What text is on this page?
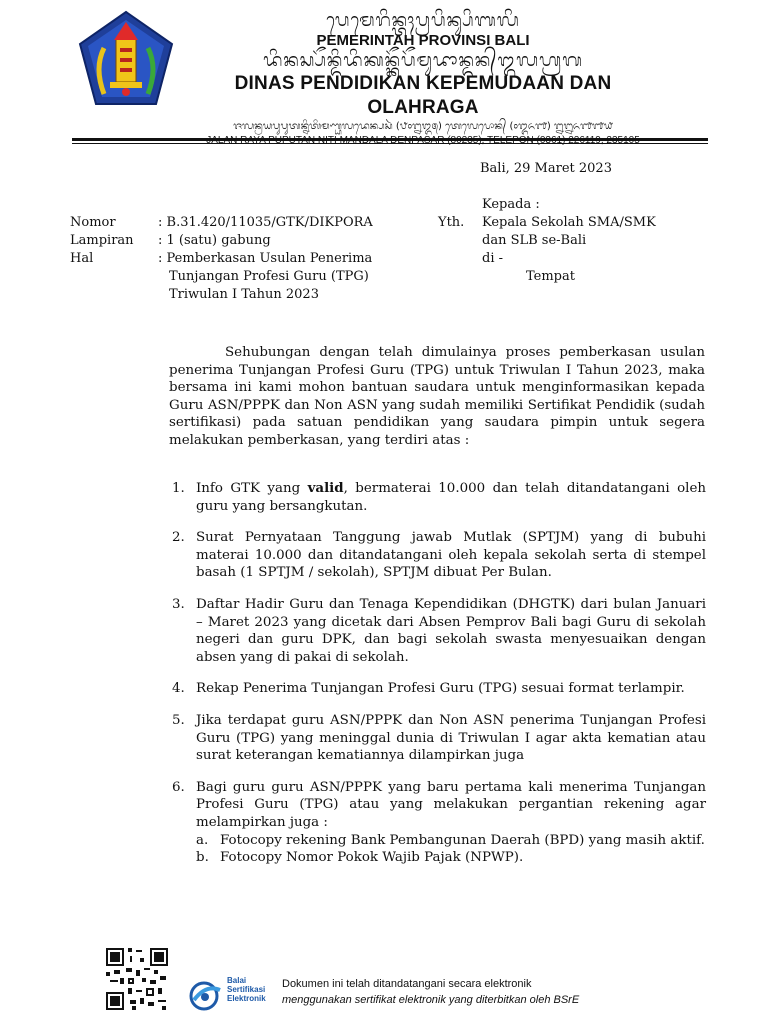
ᬧᬾᬫᬾᬭᬶᬦ᭄ᬢᬄᬧ᭄ᬭᬧᬶᬦ᭄ᬲᬶᬩᬮᬶ
PEMERINTAH PROVINSI BALI
ᬤᬶᬦᬲ᭄ᬧᭂᬦ᭄ᬤᬶᬤᬶᬓᬦ᭄ᬓᭂᬧᭂᬫᬸᬤᬵᬦ᭄ᬤᬦ᭄ᬑᬮᬳ᭄ᬭᬕ
DINAS PENDIDIKAN KEPEMUDAAN DAN OLAHRAGA
ᬚᬮᬦ᭄ᬭᬬᬧᬸᬧᬸᬢᬦ᭄ᬦᬶᬢᬶᬫᬡ᭄ᬟᬮᬤᬾᬦ᭄ᬧᬲᬃ (᭘᭐᭒᭓᭕) ᬢᬾᬮᬾᬧᭀᬦ᭄ (᭐᭓᭖᭑) ᭒᭒᭖᭑᭑᭙
Bali, 29 Maret 2023
Kepada :
Yth. Kepala Sekolah SMA/SMK
dan SLB se-Bali
di -
Tempat
Nomor	: B.31.420/11035/GTK/DIKPORA
Lampiran : 1 (satu) gabung
Hal	: Pemberkasan Usulan Penerima
Tunjangan Profesi Guru (TPG)
Triwulan I Tahun 2023
Sehubungan dengan telah dimulainya proses pemberkasan usulan penerima Tunjangan Profesi Guru (TPG) untuk Triwulan I Tahun 2023, maka bersama ini kami mohon bantuan saudara untuk menginformasikan kepada Guru ASN/PPPK dan Non ASN yang sudah memiliki Sertifikat Pendidik (sudah sertifikasi) pada satuan pendidikan yang saudara pimpin untuk segera melakukan pemberkasan, yang terdiri atas :
1. Info GTK yang valid, bermaterai 10.000 dan telah ditandatangani oleh guru yang bersangkutan.
2. Surat Pernyataan Tanggung jawab Mutlak (SPTJM) yang di bubuhi materai 10.000 dan ditandatangani oleh kepala sekolah serta di stempel basah (1 SPTJM / sekolah), SPTJM dibuat Per Bulan.
3. Daftar Hadir Guru dan Tenaga Kependidikan (DHGTK) dari bulan Januari – Maret 2023 yang dicetak dari Absen Pemprov Bali bagi Guru di sekolah negeri dan guru DPK, dan bagi sekolah swasta menyesuaikan dengan absen yang di pakai di sekolah.
4. Rekap Penerima Tunjangan Profesi Guru (TPG) sesuai format terlampir.
5. Jika terdapat guru ASN/PPPK dan Non ASN penerima Tunjangan Profesi Guru (TPG) yang meninggal dunia di Triwulan I agar akta kematian atau surat keterangan kematiannya dilampirkan juga
6. Bagi guru guru ASN/PPPK yang baru pertama kali menerima Tunjangan Profesi Guru (TPG) atau yang melakukan pergantian rekening agar melampirkan juga :
a. Fotocopy rekening Bank Pembangunan Daerah (BPD) yang masih aktif.
b. Fotocopy Nomor Pokok Wajib Pajak (NPWP).
Balai
Sertifikasi
Elektronik
Dokumen ini telah ditandatangani secara elektronik
menggunakan sertifikat elektronik yang diterbitkan oleh BSrE
